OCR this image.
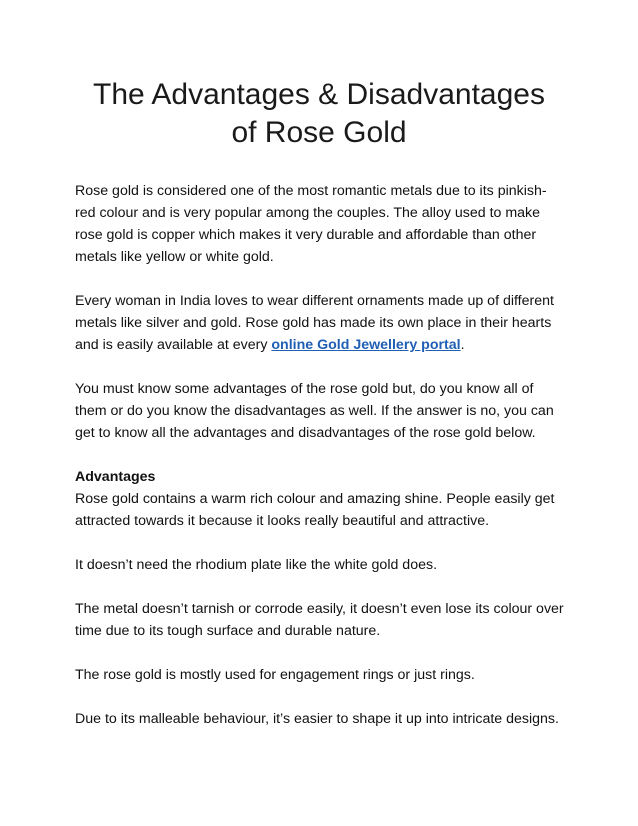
The Advantages & Disadvantages
of Rose Gold

Rose gold is considered one of the most romantic metals due to its pinkish-red colour and is very popular among the couples. The alloy used to make rose gold is copper which makes it very durable and affordable than other metals like yellow or white gold.

Every woman in India loves to wear different ornaments made up of different metals like silver and gold. Rose gold has made its own place in their hearts and is easily available at every online Gold Jewellery portal.

You must know some advantages of the rose gold but, do you know all of them or do you know the disadvantages as well. If the answer is no, you can get to know all the advantages and disadvantages of the rose gold below.

Advantages
Rose gold contains a warm rich colour and amazing shine. People easily get attracted towards it because it looks really beautiful and attractive.

It doesn’t need the rhodium plate like the white gold does.

The metal doesn’t tarnish or corrode easily, it doesn’t even lose its colour over time due to its tough surface and durable nature.

The rose gold is mostly used for engagement rings or just rings.

Due to its malleable behaviour, it’s easier to shape it up into intricate designs.
